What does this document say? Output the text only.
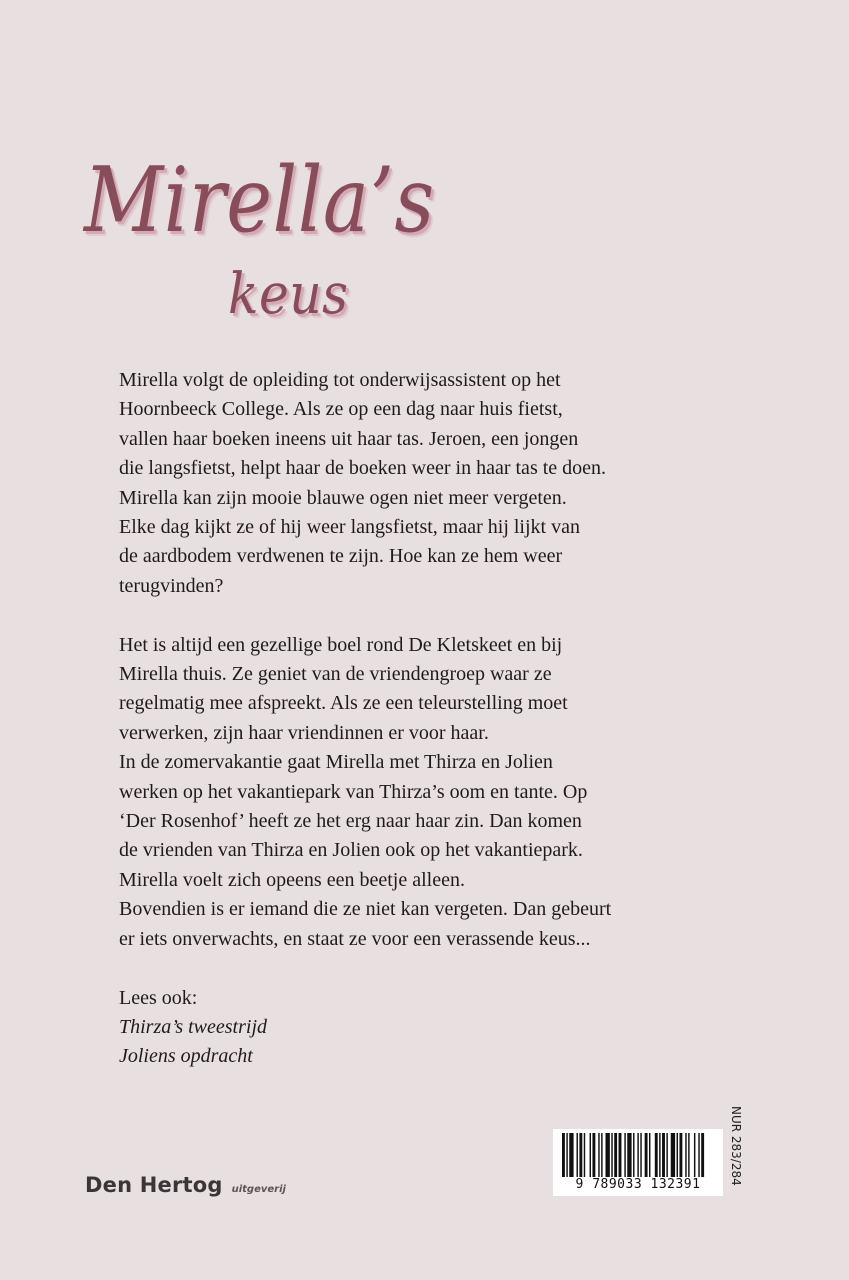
Mirella’s
keus

Mirella volgt de opleiding tot onderwijsassistent op het
Hoornbeeck College. Als ze op een dag naar huis fietst,
vallen haar boeken ineens uit haar tas. Jeroen, een jongen
die langsfietst, helpt haar de boeken weer in haar tas te doen.
Mirella kan zijn mooie blauwe ogen niet meer vergeten.
Elke dag kijkt ze of hij weer langsfietst, maar hij lijkt van
de aardbodem verdwenen te zijn. Hoe kan ze hem weer
terugvinden?

Het is altijd een gezellige boel rond De Kletskeet en bij
Mirella thuis. Ze geniet van de vriendengroep waar ze
regelmatig mee afspreekt. Als ze een teleurstelling moet
verwerken, zijn haar vriendinnen er voor haar.
In de zomervakantie gaat Mirella met Thirza en Jolien
werken op het vakantiepark van Thirza’s oom en tante. Op
‘Der Rosenhof’ heeft ze het erg naar haar zin. Dan komen
de vrienden van Thirza en Jolien ook op het vakantiepark.
Mirella voelt zich opeens een beetje alleen.
Bovendien is er iemand die ze niet kan vergeten. Dan gebeurt
er iets onverwachts, en staat ze voor een verassende keus...

Lees ook:
Thirza’s tweestrijd
Joliens opdracht

Den Hertog uitgeverij	9 789033 132391	NUR 283/284
